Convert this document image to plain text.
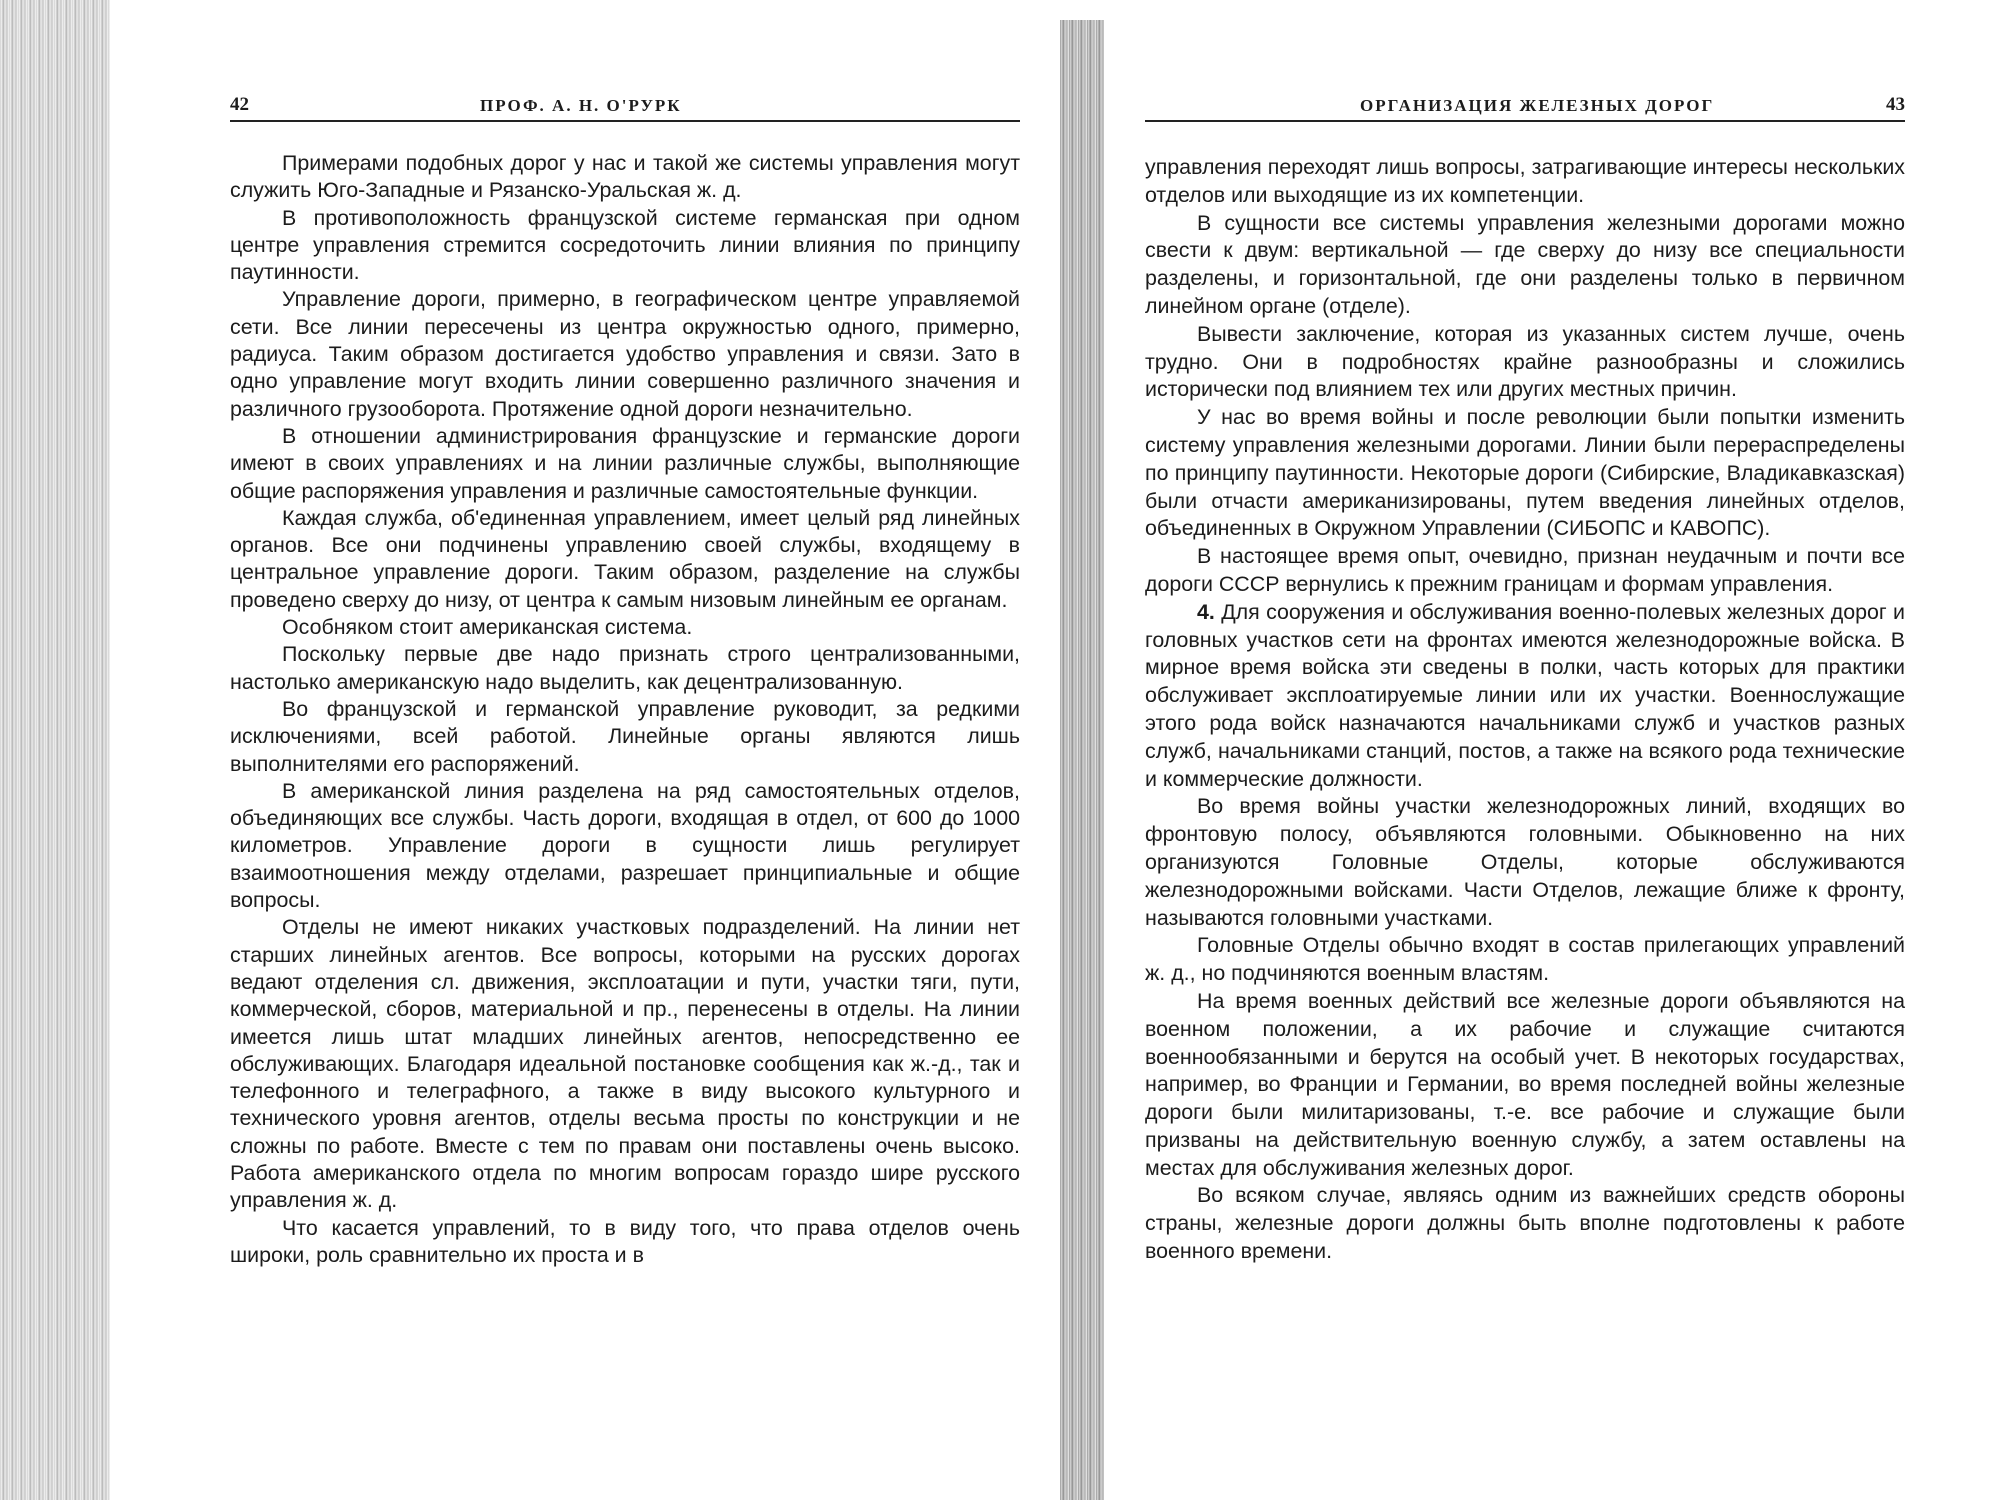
42	ПРОФ. А. Н. О'РУРК

Примерами подобных дорог у нас и такой же системы управления могут служить Юго-Западные и Рязанско-Уральская ж. д.

В противоположность французской системе германская при одном центре управления стремится сосредоточить линии влияния по принципу паутинности.

Управление дороги, примерно, в географическом центре управляемой сети. Все линии пересечены из центра окружностью одного, примерно, радиуса. Таким образом достигается удобство управления и связи. Зато в одно управление могут входить линии совершенно различного значения и различного грузооборота. Протяжение одной дороги незначительно.

В отношении администрирования французские и германские дороги имеют в своих управлениях и на линии различные службы, выполняющие общие распоряжения управления и различные самостоятельные функции.

Каждая служба, об'единенная управлением, имеет целый ряд линейных органов. Все они подчинены управлению своей службы, входящему в центральное управление дороги. Таким образом, разделение на службы проведено сверху до низу, от центра к самым низовым линейным ее органам.

Особняком стоит американская система.

Поскольку первые две надо признать строго централизованными, настолько американскую надо выделить, как децентрализованную.

Во французской и германской управление руководит, за редкими исключениями, всей работой. Линейные органы являются лишь выполнителями его распоряжений.

В американской линия разделена на ряд самостоятельных отделов, объединяющих все службы. Часть дороги, входящая в отдел, от 600 до 1000 километров. Управление дороги в сущности лишь регулирует взаимоотношения между отделами, разрешает принципиальные и общие вопросы.

Отделы не имеют никаких участковых подразделений. На линии нет старших линейных агентов. Все вопросы, которыми на русских дорогах ведают отделения сл. движения, эксплоатации и пути, участки тяги, пути, коммерческой, сборов, материальной и пр., перенесены в отделы. На линии имеется лишь штат младших линейных агентов, непосредственно ее обслуживающих. Благодаря идеальной постановке сообщения как ж.-д., так и телефонного и телеграфного, а также в виду высокого культурного и технического уровня агентов, отделы весьма просты по конструкции и не сложны по работе. Вместе с тем по правам они поставлены очень высоко. Работа американского отдела по многим вопросам гораздо шире русского управления ж. д.

Что касается управлений, то в виду того, что права отделов очень широки, роль сравнительно их проста и в

ОРГАНИЗАЦИЯ ЖЕЛЕЗНЫХ ДОРОГ	43

управления переходят лишь вопросы, затрагивающие интересы нескольких отделов или выходящие из их компетенции.

В сущности все системы управления железными дорогами можно свести к двум: вертикальной — где сверху до низу все специальности разделены, и горизонтальной, где они разделены только в первичном линейном органе (отделе).

Вывести заключение, которая из указанных систем лучше, очень трудно. Они в подробностях крайне разнообразны и сложились исторически под влиянием тех или других местных причин.

У нас во время войны и после революции были попытки изменить систему управления железными дорогами. Линии были перераспределены по принципу паутинности. Некоторые дороги (Сибирские, Владикавказская) были отчасти американизированы, путем введения линейных отделов, объединенных в Окружном Управлении (СИБОПС и КАВОПС).

В настоящее время опыт, очевидно, признан неудачным и почти все дороги СССР вернулись к прежним границам и формам управления.

4. Для сооружения и обслуживания военно-полевых железных дорог и головных участков сети на фронтах имеются железнодорожные войска. В мирное время войска эти сведены в полки, часть которых для практики обслуживает эксплоатируемые линии или их участки. Военнослужащие этого рода войск назначаются начальниками служб и участков разных служб, начальниками станций, постов, а также на всякого рода технические и коммерческие должности.

Во время войны участки железнодорожных линий, входящих во фронтовую полосу, объявляются головными. Обыкновенно на них организуются Головные Отделы, которые обслуживаются железнодорожными войсками. Части Отделов, лежащие ближе к фронту, называются головными участками.

Головные Отделы обычно входят в состав прилегающих управлений ж. д., но подчиняются военным властям.

На время военных действий все железные дороги объявляются на военном положении, а их рабочие и служащие считаются военнообязанными и берутся на особый учет. В некоторых государствах, например, во Франции и Германии, во время последней войны железные дороги были милитаризованы, т.-е. все рабочие и служащие были призваны на действительную военную службу, а затем оставлены на местах для обслуживания железных дорог.

Во всяком случае, являясь одним из важнейших средств обороны страны, железные дороги должны быть вполне подготовлены к работе военного времени.
